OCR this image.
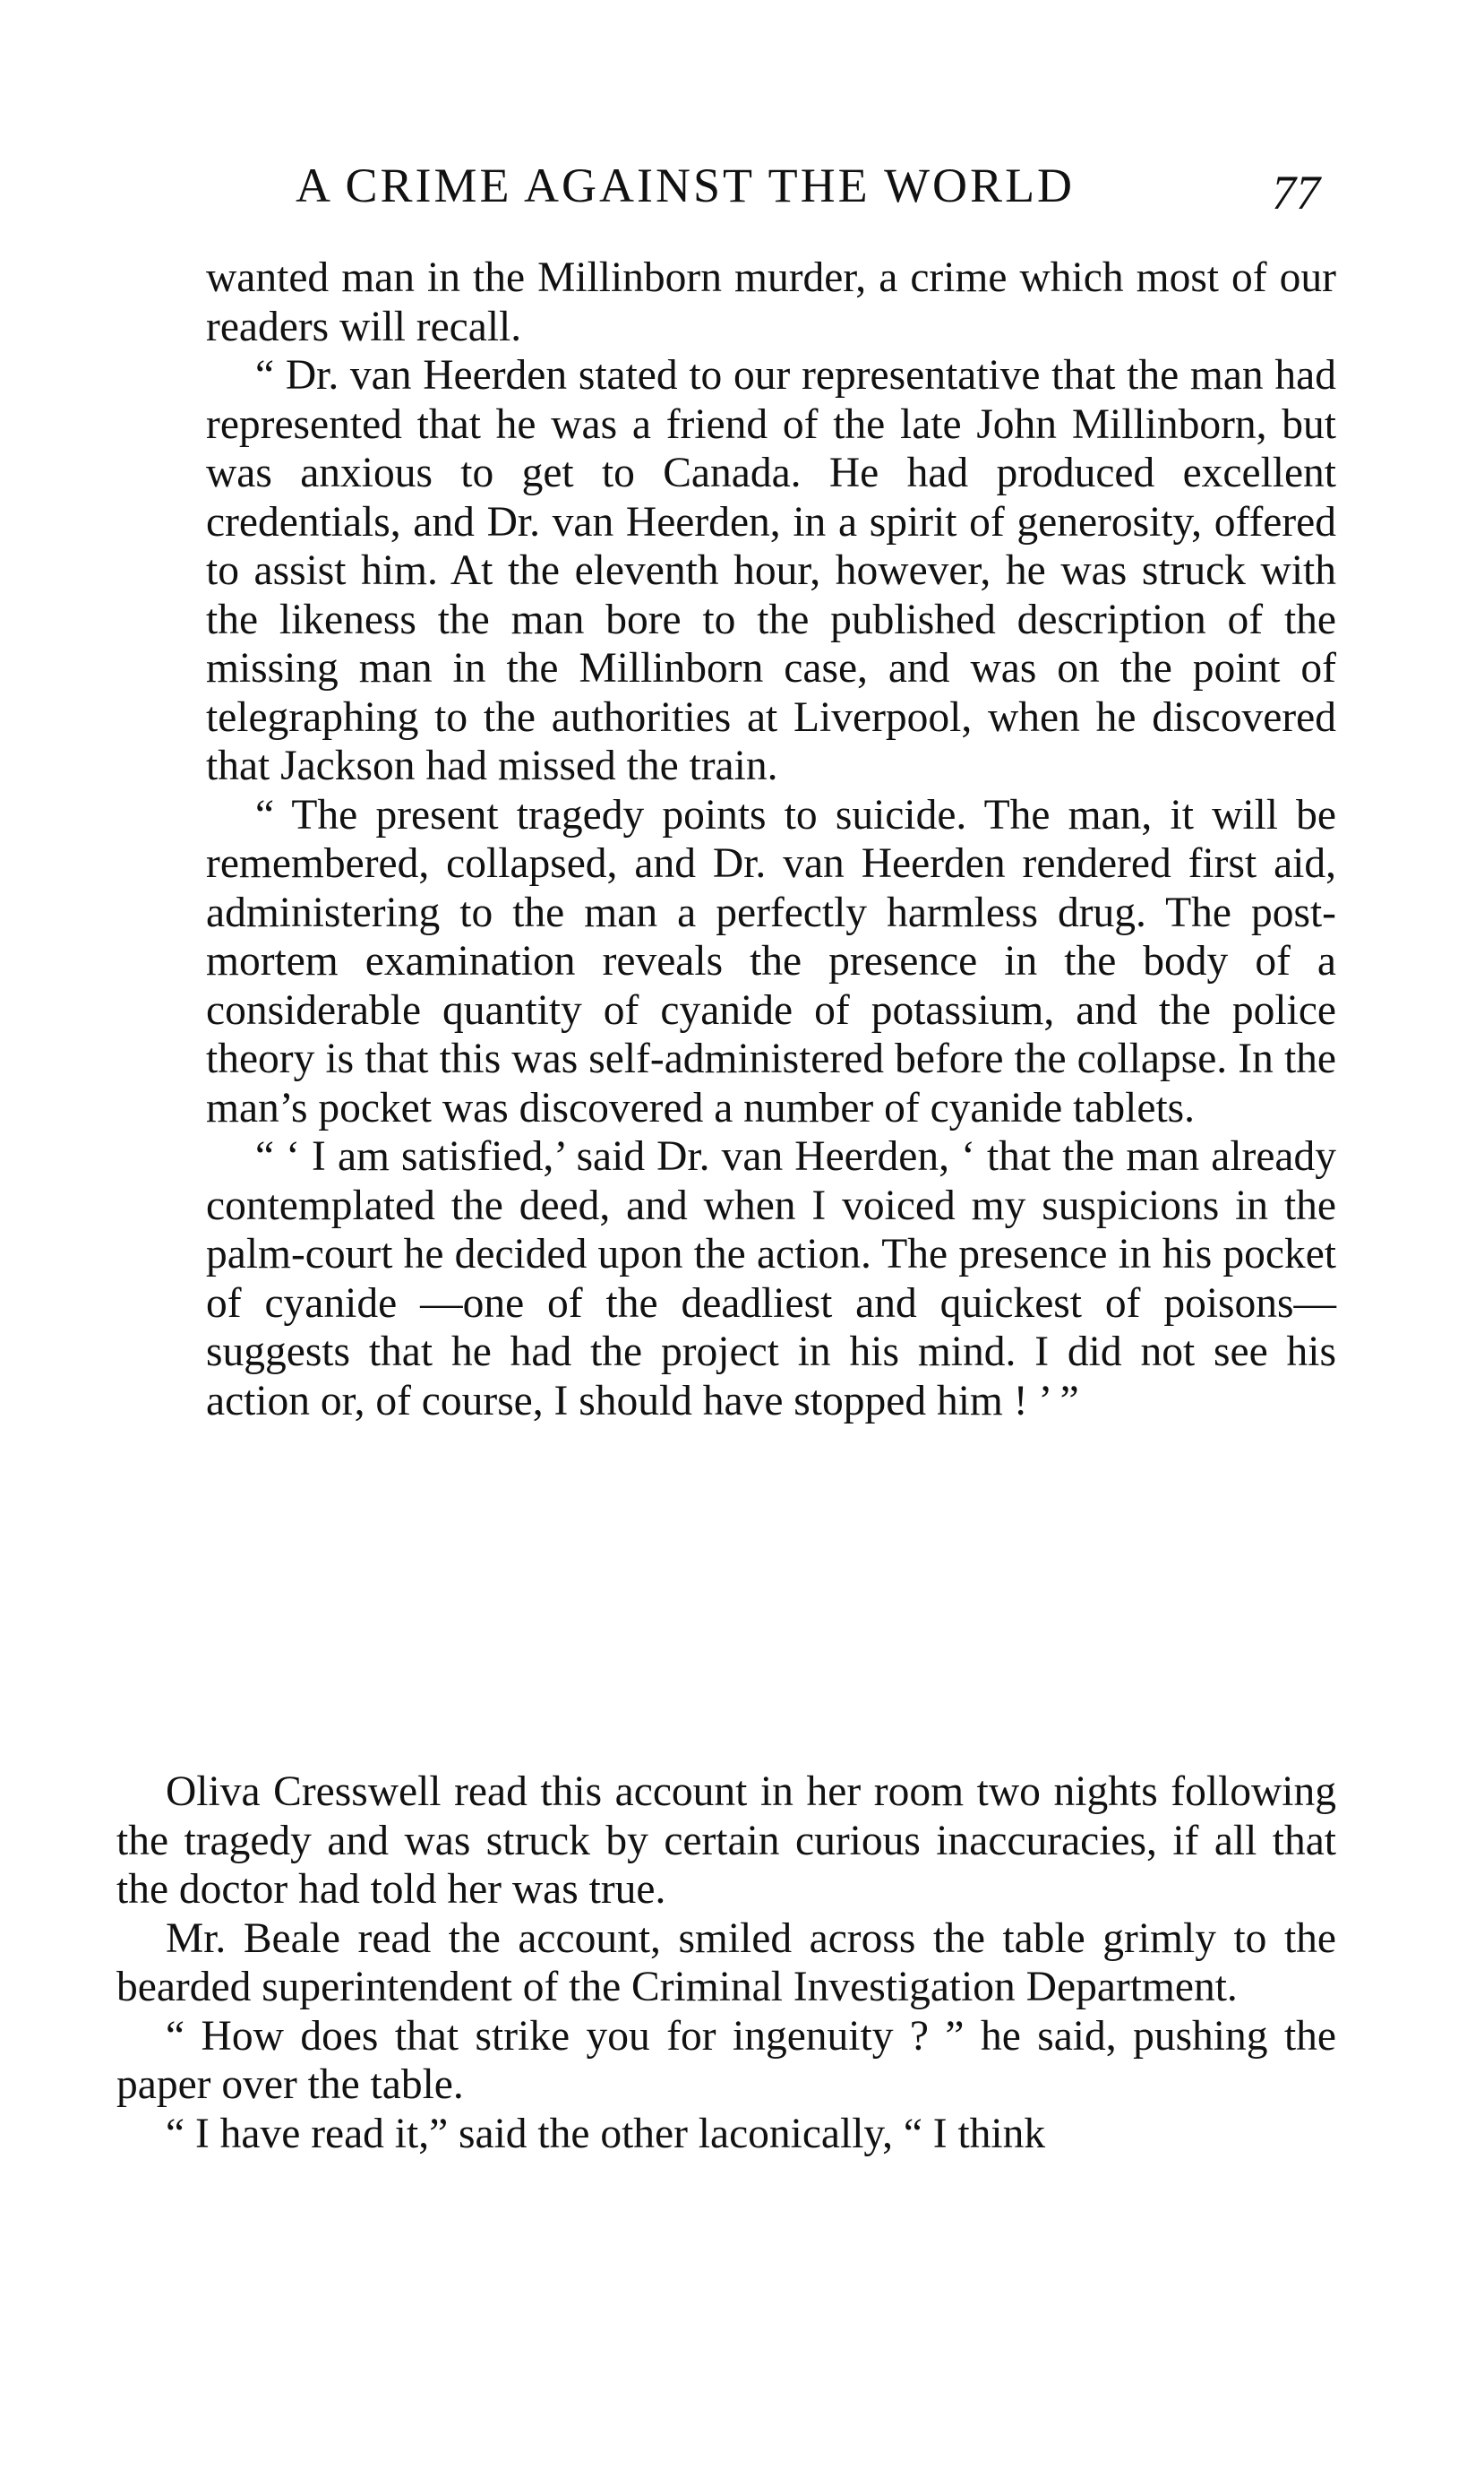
A CRIME AGAINST THE WORLD	77

wanted man in the Millinborn murder, a crime which most of our readers will recall.

“ Dr. van Heerden stated to our representative that the man had represented that he was a friend of the late John Millinborn, but was anxious to get to Canada. He had produced excellent credentials, and Dr. van Heerden, in a spirit of generosity, offered to assist him. At the eleventh hour, however, he was struck with the likeness the man bore to the published description of the missing man in the Millinborn case, and was on the point of telegraphing to the authorities at Liverpool, when he discovered that Jackson had missed the train.

“ The present tragedy points to suicide. The man, it will be remembered, collapsed, and Dr. van Heerden rendered first aid, administering to the man a perfectly harmless drug. The post-mortem examination reveals the presence in the body of a considerable quantity of cyanide of potassium, and the police theory is that this was self-administered before the collapse. In the man’s pocket was discovered a number of cyanide tablets.

“ ‘ I am satisfied,’ said Dr. van Heerden, ‘ that the man already contemplated the deed, and when I voiced my suspicions in the palm-court he decided upon the action. The presence in his pocket of cyanide —one of the deadliest and quickest of poisons— suggests that he had the project in his mind. I did not see his action or, of course, I should have stopped him ! ’ ”

Oliva Cresswell read this account in her room two nights following the tragedy and was struck by certain curious inaccuracies, if all that the doctor had told her was true.

Mr. Beale read the account, smiled across the table grimly to the bearded superintendent of the Criminal Investigation Department.

“ How does that strike you for ingenuity ? ” he said, pushing the paper over the table.

“ I have read it,” said the other laconically, “ I think
